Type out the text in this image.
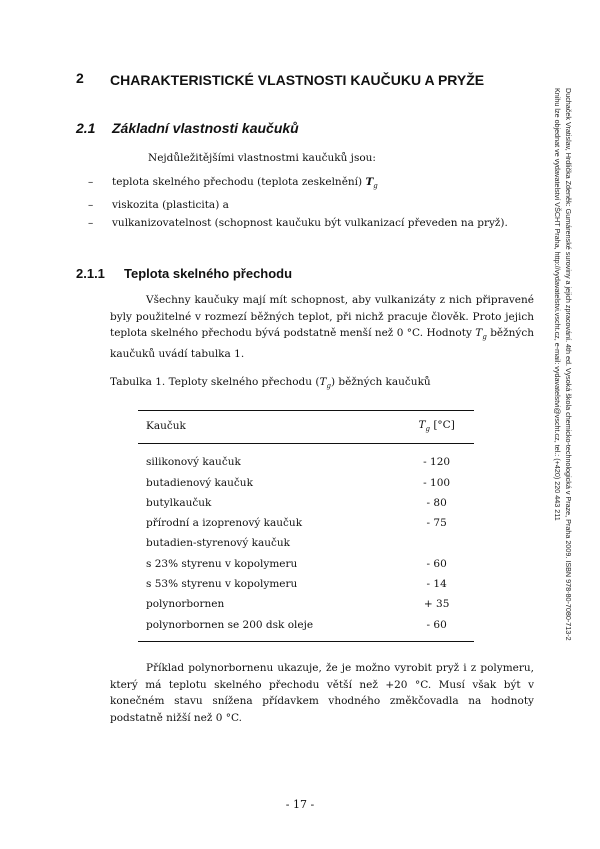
2 CHARAKTERISTICKÉ VLASTNOSTI KAUČUKU A PRYŽE
2.1 Základní vlastnosti kaučuků
Nejdůležitějšími vlastnostmi kaučuků jsou:
– teplota skelného přechodu (teplota zeskelnění) $T_g$
– viskozita (plasticita) a
– vulkanizovatelnost (schopnost kaučuku být vulkanizací převeden na pryž).
2.1.1 Teplota skelného přechodu
Všechny kaučuky mají mít schopnost, aby vulkanizáty z nich připravené byly použitelné v rozmezí běžných teplot, při nichž pracuje člověk. Proto jejich teplota skelného přechodu bývá podstatně menší než 0 °C. Hodnoty $T_g$ běžných kaučuků uvádí tabulka 1.
Tabulka 1. Teploty skelného přechodu $(T_g)$ běžných kaučuků
Kaučuk	$T_g$ [°C]
silikonový kaučuk	- 120
butadienový kaučuk	- 100
butylkaučuk	- 80
přírodní a izoprenový kaučuk	- 75
butadien-styrenový kaučuk	
s 23% styrenu v kopolymeru	- 60
s 53% styrenu v kopolymeru	- 14
polynorbornen	+ 35
polynorbornen se 200 dsk oleje	- 60
Příklad polynorbornenu ukazuje, že je možno vyrobit pryž i z polymeru, který má teplotu skelného přechodu větší než +20 °C. Musí však být v konečném stavu snížena přídavkem vhodného změkčovadla na hodnoty podstatně nižší než 0 °C.
- 17 -
Duchaček Vratislav, Hrdlička Zdeněk: Gumárenské suroviny a jejich zpracování. 4th ed. Vysoká škola chemicko-technologická v Praze, Praha 2009. ISBN 978-80-7080-713-2
Knihu lze objednat ve vydavatelství VŠCHT Praha, http://vydavatelstvi.vscht.cz, e-mail: vydavatelstvi@vscht.cz, tel.: (+420) 220 443 211
